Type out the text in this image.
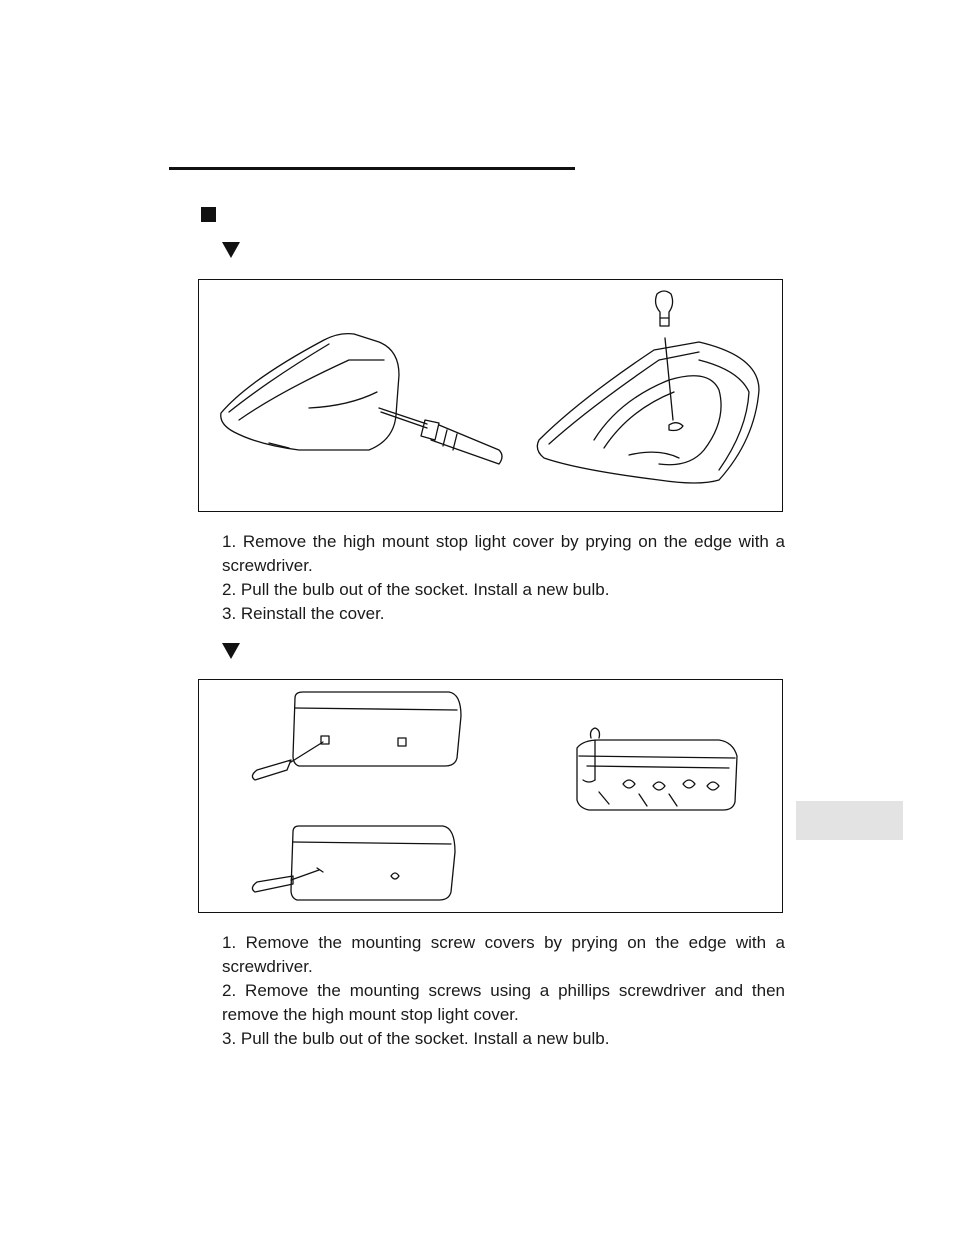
1. Remove the high mount stop light cover by prying on the edge with a screwdriver.
2. Pull the bulb out of the socket. Install a new bulb.
3. Reinstall the cover.
1. Remove the mounting screw covers by prying on the edge with a screwdriver.
2. Remove the mounting screws using a phillips screwdriver and then remove the high mount stop light cover.
3. Pull the bulb out of the socket. Install a new bulb.
